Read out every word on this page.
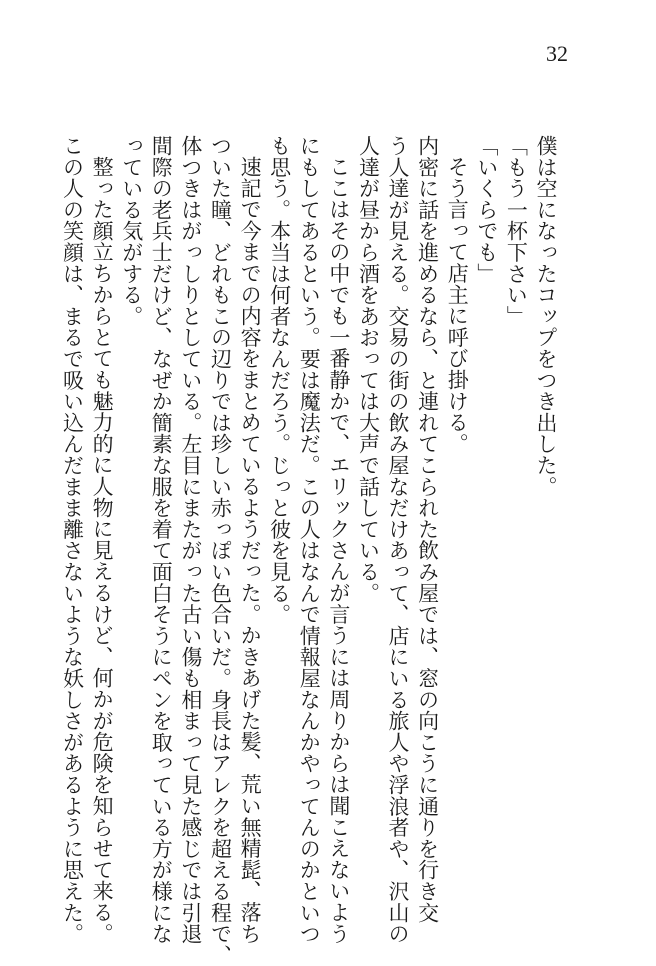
32

僕は空になったコップをつき出した。

「もう一杯下さい」

「いくらでも」

そう言って店主に呼び掛ける。

内密に話を進めるなら、と連れてこられた飲み屋では、窓の向こうに通りを行き交

う人達が見える。交易の街の飲み屋なだけあって、店にいる旅人や浮浪者や、沢山の

人達が昼から酒をあおっては大声で話している。

ここはその中でも一番静かで、エリックさんが言うには周りからは聞こえないよう

にもしてあるという。要は魔法だ。この人はなんで情報屋なんかやってんのかといつ

も思う。本当は何者なんだろう。じっと彼を見る。

速記で今までの内容をまとめているようだった。かきあげた髪、荒い無精髭、落ち

ついた瞳、どれもこの辺りでは珍しい赤っぽい色合いだ。身長はアレクを超える程で、

体つきはがっしりとしている。左目にまたがった古い傷も相まって見た感じでは引退

間際の老兵士だけど、なぜか簡素な服を着て面白そうにペンを取っている方が様にな

っている気がする。

整った顔立ちからとても魅力的に人物に見えるけど、何かが危険を知らせて来る。

この人の笑顔は、まるで吸い込んだまま離さないような妖しさがあるように思えた。
